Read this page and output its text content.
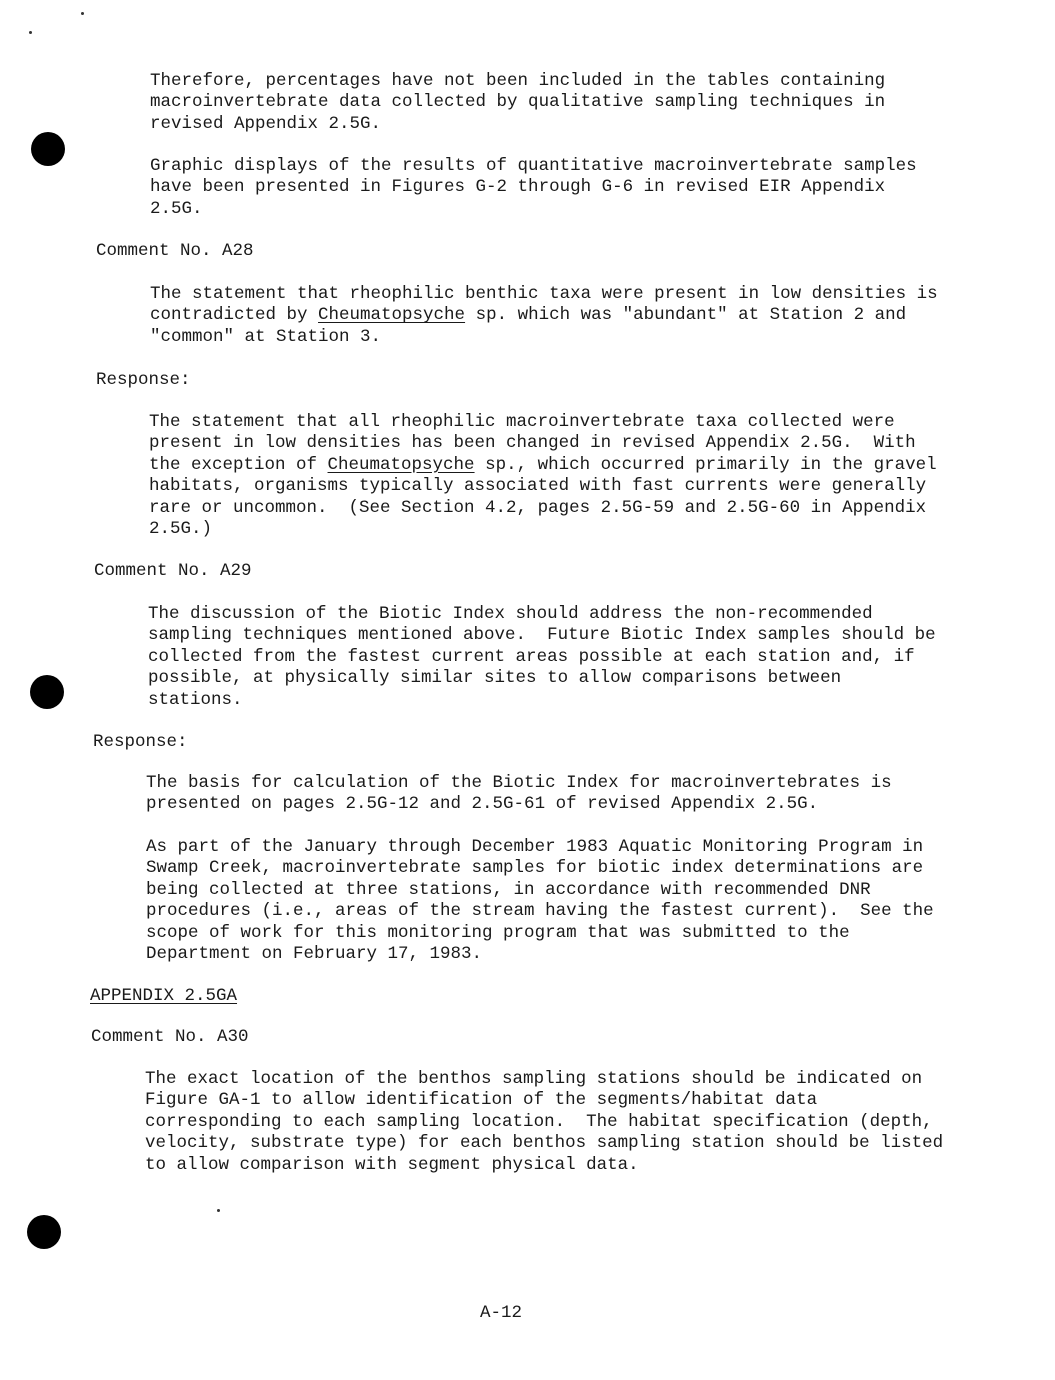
Therefore, percentages have not been included in the tables containing
macroinvertebrate data collected by qualitative sampling techniques in
revised Appendix 2.5G.
Graphic displays of the results of quantitative macroinvertebrate samples
have been presented in Figures G-2 through G-6 in revised EIR Appendix
2.5G.
Comment No. A28
The statement that rheophilic benthic taxa were present in low densities is
contradicted by Cheumatopsyche sp. which was "abundant" at Station 2 and
"common" at Station 3.
Response:
The statement that all rheophilic macroinvertebrate taxa collected were
present in low densities has been changed in revised Appendix 2.5G.  With
the exception of Cheumatopsyche sp., which occurred primarily in the gravel
habitats, organisms typically associated with fast currents were generally
rare or uncommon.  (See Section 4.2, pages 2.5G-59 and 2.5G-60 in Appendix
2.5G.)
Comment No. A29
The discussion of the Biotic Index should address the non-recommended
sampling techniques mentioned above.  Future Biotic Index samples should be
collected from the fastest current areas possible at each station and, if
possible, at physically similar sites to allow comparisons between
stations.
Response:
The basis for calculation of the Biotic Index for macroinvertebrates is
presented on pages 2.5G-12 and 2.5G-61 of revised Appendix 2.5G.
As part of the January through December 1983 Aquatic Monitoring Program in
Swamp Creek, macroinvertebrate samples for biotic index determinations are
being collected at three stations, in accordance with recommended DNR
procedures (i.e., areas of the stream having the fastest current).  See the
scope of work for this monitoring program that was submitted to the
Department on February 17, 1983.
APPENDIX 2.5GA
Comment No. A30
The exact location of the benthos sampling stations should be indicated on
Figure GA-1 to allow identification of the segments/habitat data
corresponding to each sampling location.  The habitat specification (depth,
velocity, substrate type) for each benthos sampling station should be listed
to allow comparison with segment physical data.
A-12
